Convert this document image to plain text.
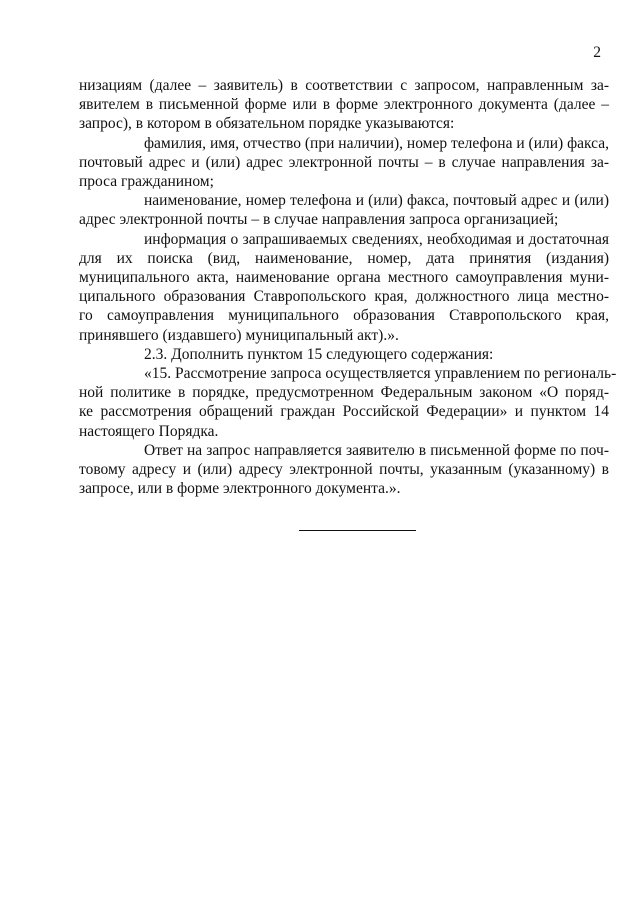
2
низациям (далее – заявитель) в соответствии с запросом, направленным за-
явителем в письменной форме или в форме электронного документа (далее –
запрос), в котором в обязательном порядке указываются:
фамилия, имя, отчество (при наличии), номер телефона и (или) факса,
почтовый адрес и (или) адрес электронной почты – в случае направления за-
проса гражданином;
наименование, номер телефона и (или) факса, почтовый адрес и (или)
адрес электронной почты – в случае направления запроса организацией;
информация о запрашиваемых сведениях, необходимая и достаточная
для их поиска (вид, наименование, номер, дата принятия (издания)
муниципального акта, наименование органа местного самоуправления муни-
ципального образования Ставропольского края, должностного лица местно-
го самоуправления муниципального образования Ставропольского края,
принявшего (издавшего) муниципальный акт).».
2.3. Дополнить пунктом 15 следующего содержания:
«15. Рассмотрение запроса осуществляется управлением по региональ-
ной политике в порядке, предусмотренном Федеральным законом «О поряд-
ке рассмотрения обращений граждан Российской Федерации» и пунктом 14
настоящего Порядка.
Ответ на запрос направляется заявителю в письменной форме по поч-
товому адресу и (или) адресу электронной почты, указанным (указанному) в
запросе, или в форме электронного документа.».
